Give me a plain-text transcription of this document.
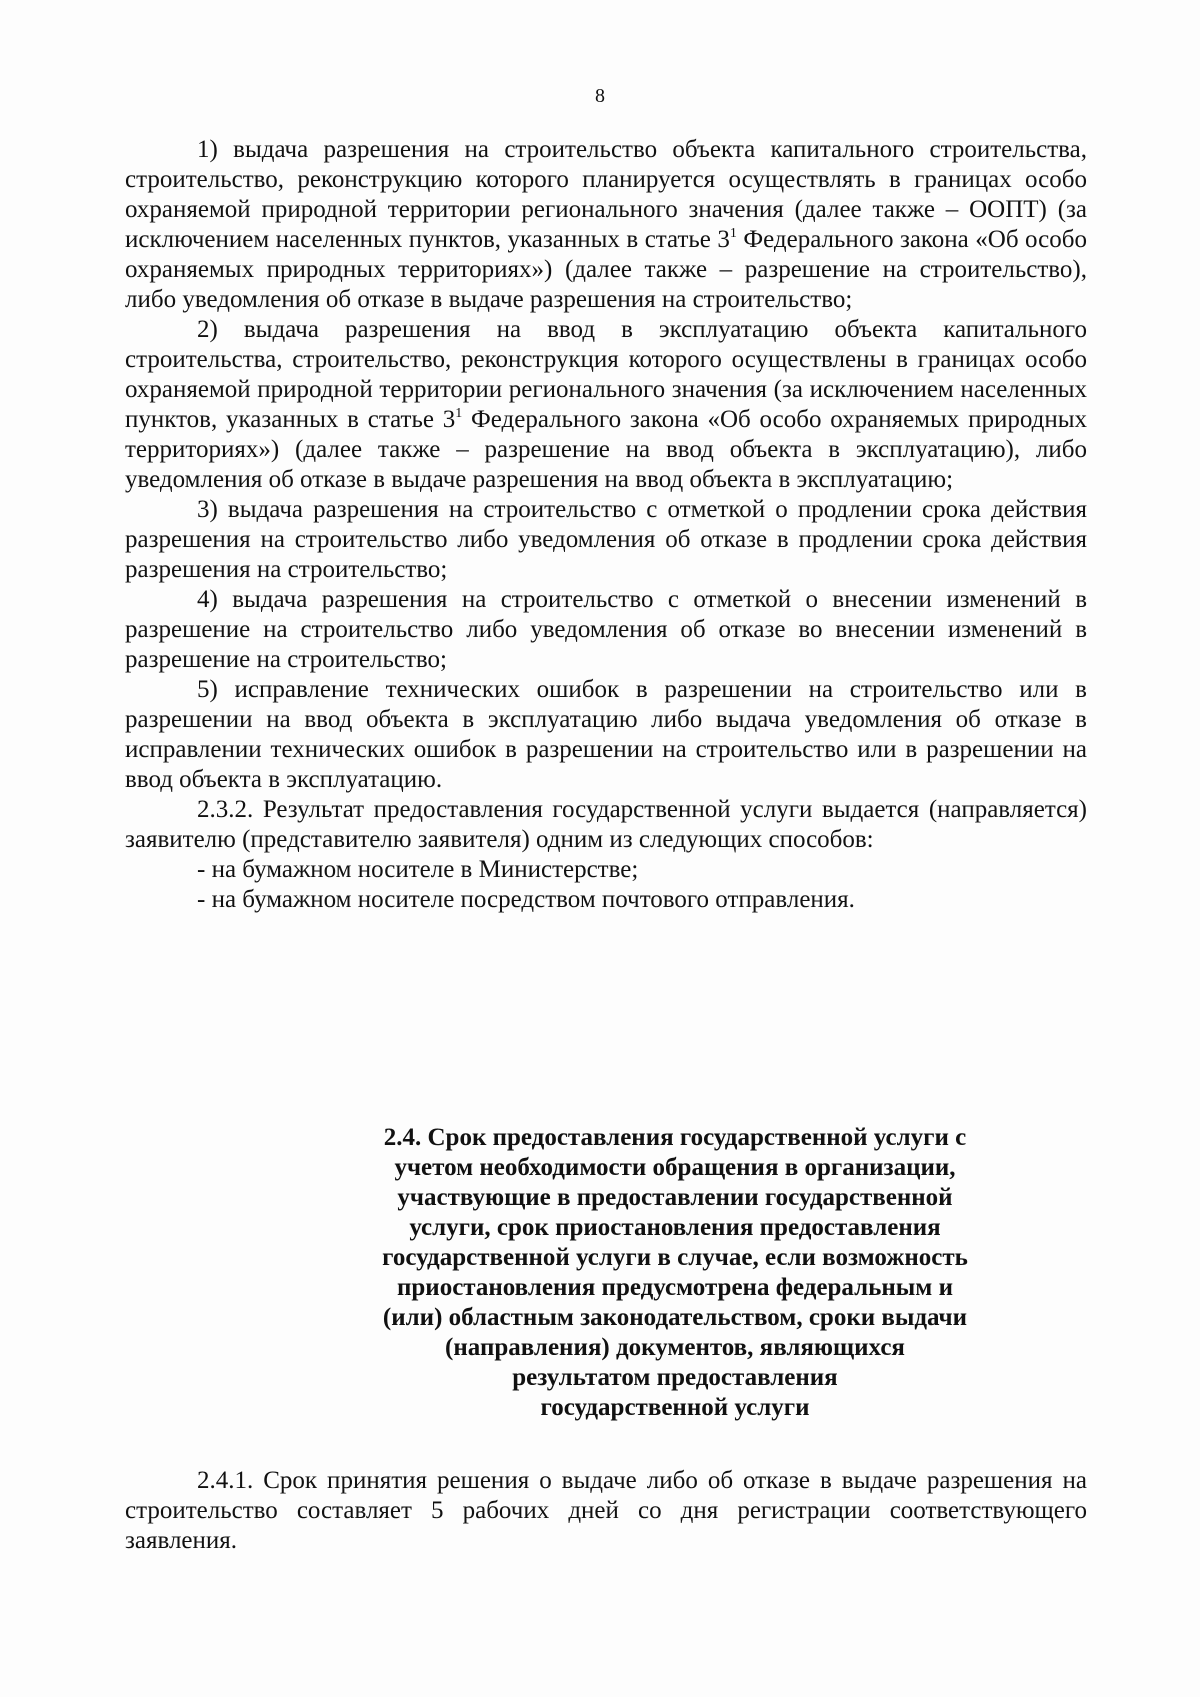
8

1) выдача разрешения на строительство объекта капитального строительства, строительство, реконструкцию которого планируется осуществлять в границах особо охраняемой природной территории регионального значения (далее также – ООПТ) (за исключением населенных пунктов, указанных в статье $3^1$ Федерального закона «Об особо охраняемых природных территориях») (далее также – разрешение на строительство), либо уведомления об отказе в выдаче разрешения на строительство;

2) выдача разрешения на ввод в эксплуатацию объекта капитального строительства, строительство, реконструкция которого осуществлены в границах особо охраняемой природной территории регионального значения (за исключением населенных пунктов, указанных в статье $3^1$ Федерального закона «Об особо охраняемых природных территориях») (далее также – разрешение на ввод объекта в эксплуатацию), либо уведомления об отказе в выдаче разрешения на ввод объекта в эксплуатацию;

3) выдача разрешения на строительство с отметкой о продлении срока действия разрешения на строительство либо уведомления об отказе в продлении срока действия разрешения на строительство;

4) выдача разрешения на строительство с отметкой о внесении изменений в разрешение на строительство либо уведомления об отказе во внесении изменений в разрешение на строительство;

5) исправление технических ошибок в разрешении на строительство или в разрешении на ввод объекта в эксплуатацию либо выдача уведомления об отказе в исправлении технических ошибок в разрешении на строительство или в разрешении на ввод объекта в эксплуатацию.

2.3.2. Результат предоставления государственной услуги выдается (направляется) заявителю (представителю заявителя) одним из следующих способов:

- на бумажном носителе в Министерстве;

- на бумажном носителе посредством почтового отправления.

2.4. Срок предоставления государственной услуги с
учетом необходимости обращения в организации,
участвующие в предоставлении государственной
услуги, срок приостановления предоставления
государственной услуги в случае, если возможность
приостановления предусмотрена федеральным и
(или) областным законодательством, сроки выдачи
(направления) документов, являющихся
результатом предоставления
государственной услуги

2.4.1. Срок принятия решения о выдаче либо об отказе в выдаче разрешения на строительство составляет 5 рабочих дней со дня регистрации соответствующего заявления.
